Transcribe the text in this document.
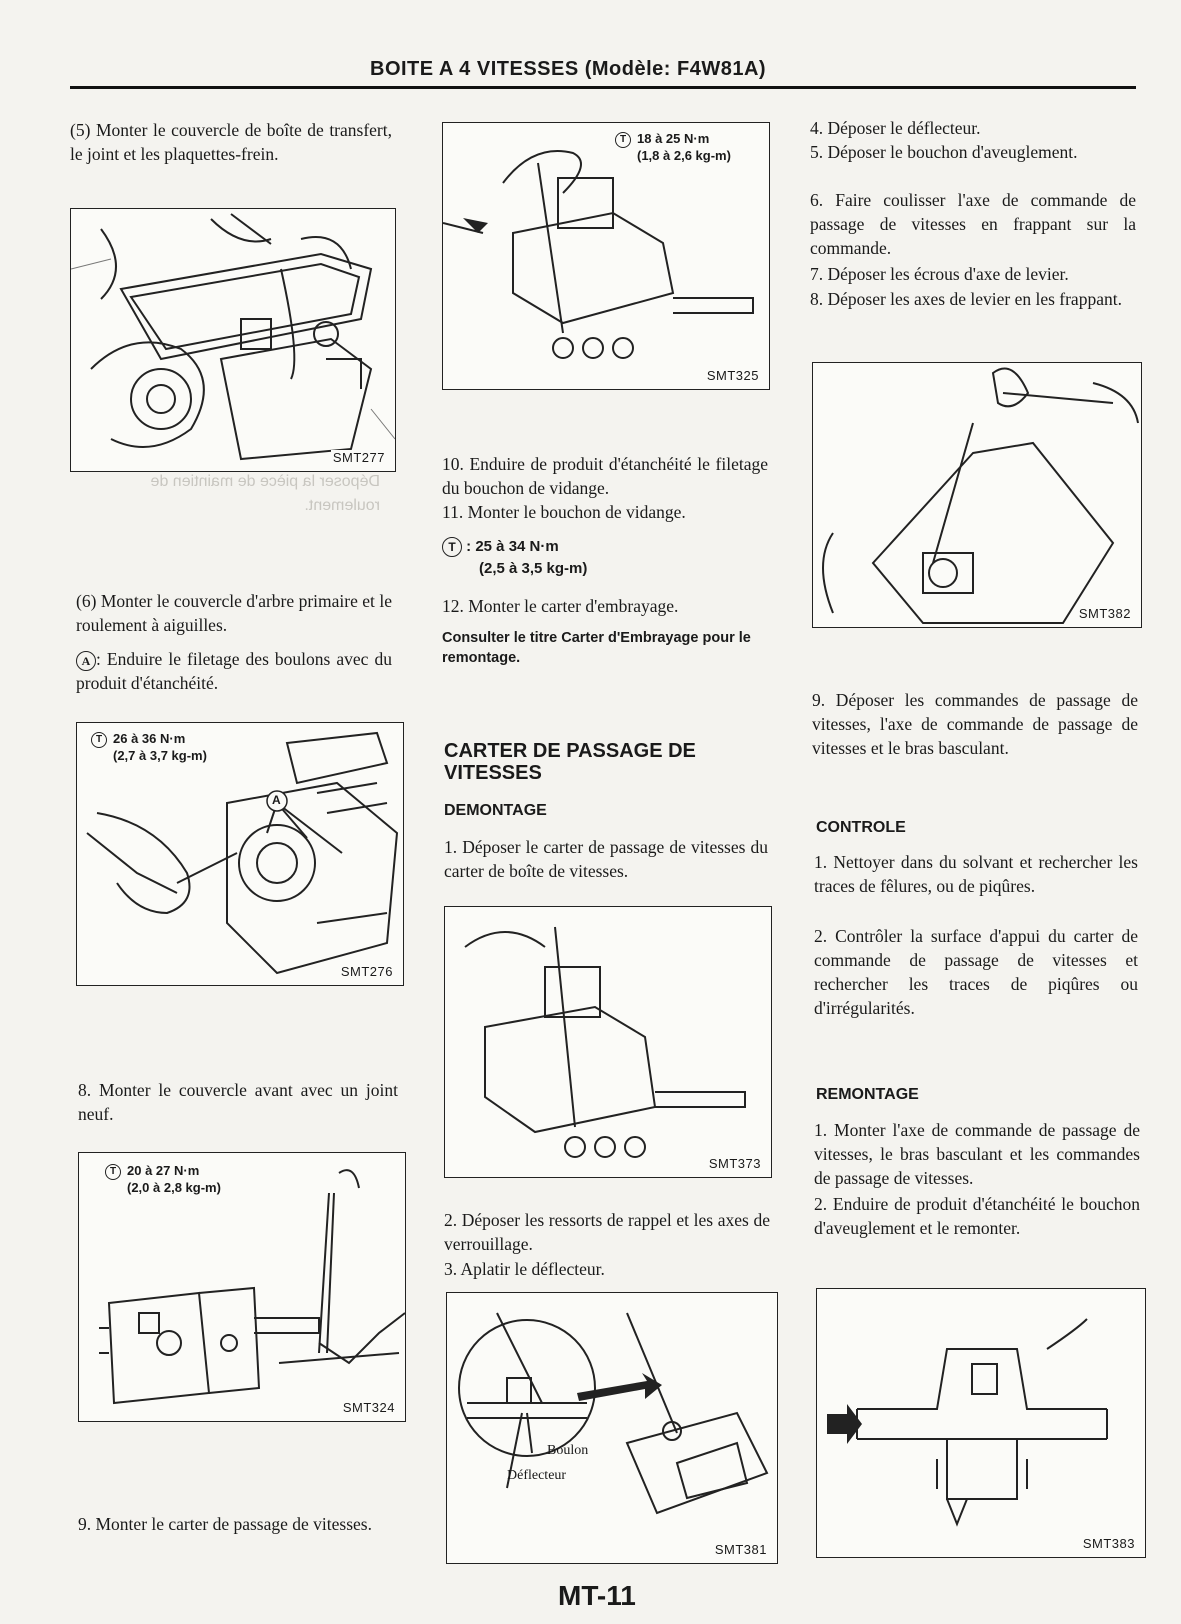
BOITE A 4 VITESSES (Modèle: F4W81A)
Déposer la pièce de maintien de roulement.
(5) Monter le couvercle de boîte de transfert, le joint et les plaquettes-frein.
SMT277
(6) Monter le couvercle d'arbre primaire et le roulement à aiguilles.
A : Enduire le filetage des boulons avec du produit d'étanchéité.
T 26 à 36 N·m
(2,7 à 3,7 kg-m)
A
SMT276
8. Monter le couvercle avant avec un joint neuf.
T 20 à 27 N·m
(2,0 à 2,8 kg-m)
SMT324
9. Monter le carter de passage de vitesses.
T 18 à 25 N·m
(1,8 à 2,6 kg-m)
SMT325
10. Enduire de produit d'étanchéité le filetage du bouchon de vidange.
11. Monter le bouchon de vidange.
T : 25 à 34 N·m
(2,5 à 3,5 kg-m)
12. Monter le carter d'embrayage.
Consulter le titre Carter d'Embrayage pour le remontage.
CARTER DE PASSAGE DE VITESSES
DEMONTAGE
1. Déposer le carter de passage de vitesses du carter de boîte de vitesses.
SMT373
2. Déposer les ressorts de rappel et les axes de verrouillage.
3. Aplatir le déflecteur.
Boulon
Déflecteur
SMT381
4. Déposer le déflecteur.
5. Déposer le bouchon d'aveuglement.
6. Faire coulisser l'axe de commande de passage de vitesses en frappant sur la commande.
7. Déposer les écrous d'axe de levier.
8. Déposer les axes de levier en les frappant.
SMT382
9. Déposer les commandes de passage de vitesses, l'axe de commande de passage de vitesses et le bras basculant.
CONTROLE
1. Nettoyer dans du solvant et rechercher les traces de fêlures, ou de piqûres.
2. Contrôler la surface d'appui du carter de commande de passage de vitesses et rechercher les traces de piqûres ou d'irrégularités.
REMONTAGE
1. Monter l'axe de commande de passage de vitesses, le bras basculant et les commandes de passage de vitesses.
2. Enduire de produit d'étanchéité le bouchon d'aveuglement et le remonter.
SMT383
MT-11
